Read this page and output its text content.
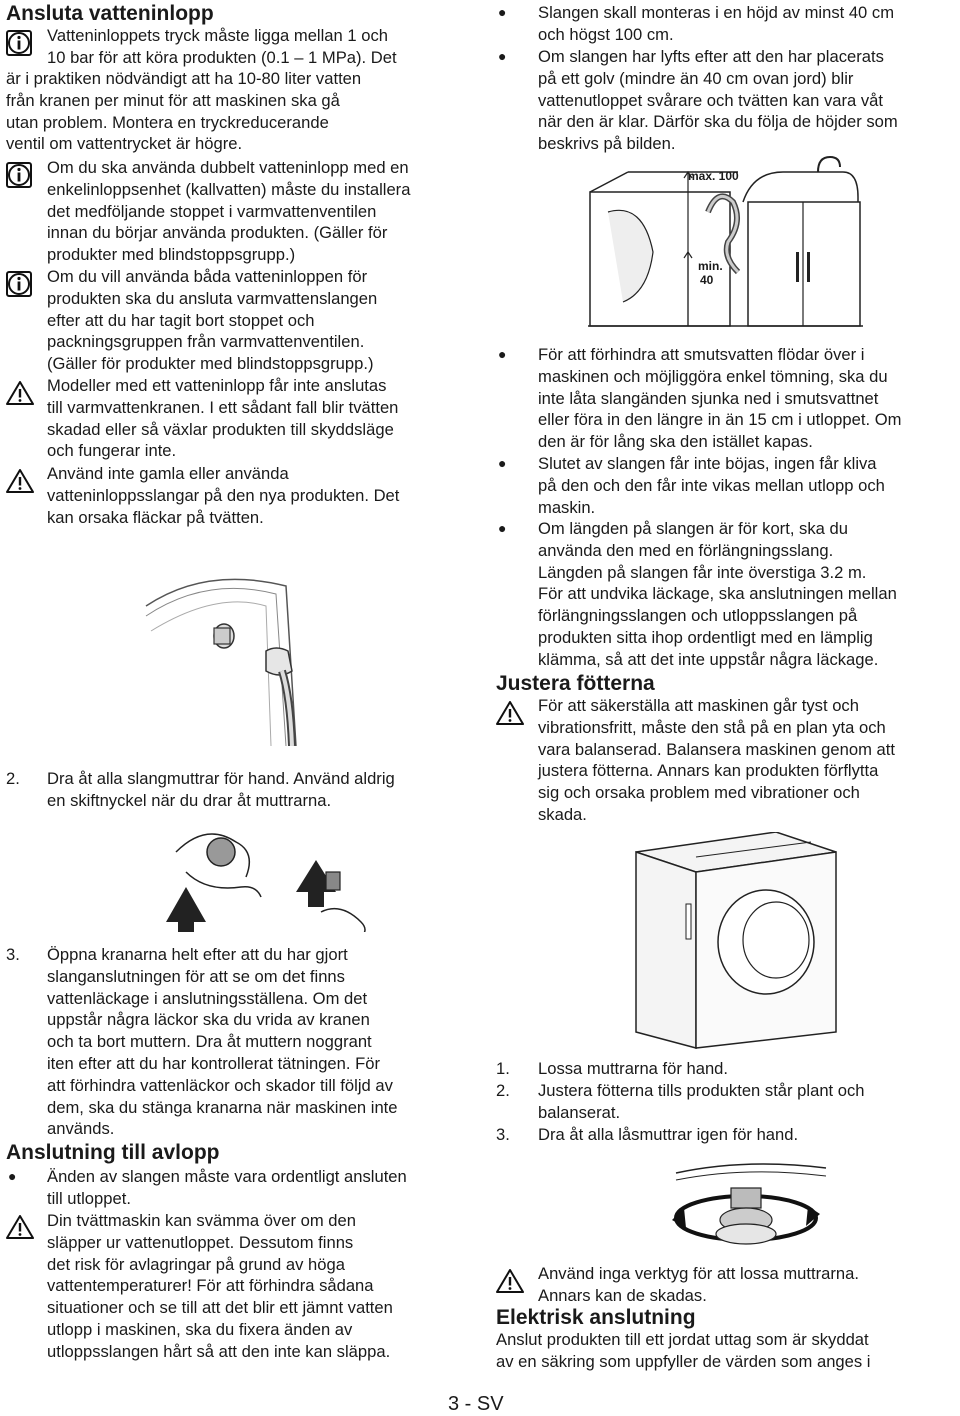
Ansluta vatteninlopp

Vatteninloppets tryck måste ligga mellan 1 och

10 bar för att köra produkten (0.1 – 1 MPa). Det

är i praktiken nödvändigt att ha 10-80 liter vatten

från kranen per minut för att maskinen ska gå

utan problem. Montera en tryckreducerande

ventil om vattentrycket är högre.

Om du ska använda dubbelt vatteninlopp med en

enkelinloppsenhet (kallvatten) måste du installera

det medföljande stoppet i varmvattenventilen

innan du börjar använda produkten. (Gäller för

produkter med blindstoppsgrupp.)

Om du vill använda båda vatteninloppen för

produkten ska du ansluta varmvattenslangen

efter att du har tagit bort stoppet och

packningsgruppen från varmvattenventilen.

(Gäller för produkter med blindstoppsgrupp.)

Modeller med ett vatteninlopp får inte anslutas

till varmvattenkranen. I ett sådant fall blir tvätten

skadad eller så växlar produkten till skyddsläge

och fungerar inte.

Använd inte gamla eller använda

vatteninloppsslangar på den nya produkten. Det

kan orsaka fläckar på tvätten.

2. Dra åt alla slangmuttrar för hand. Använd aldrig

en skiftnyckel när du drar åt muttrarna.

3. Öppna kranarna helt efter att du har gjort

slanganslutningen för att se om det finns

vattenläckage i anslutningsställena. Om det

uppstår några läckor ska du vrida av kranen

och ta bort muttern. Dra åt muttern noggrant

iten efter att du har kontrollerat tätningen. För

att förhindra vattenläckor och skador till följd av

dem, ska du stänga kranarna när maskinen inte

används.

Anslutning till avlopp
● Änden av slangen måste vara ordentligt ansluten

till utloppet.

Din tvättmaskin kan svämma över om den

släpper ur vattenutloppet. Dessutom finns

det risk för avlagringar på grund av höga

vattentemperaturer! För att förhindra sådana

situationer och se till att det blir ett jämnt vatten

utlopp i maskinen, ska du fixera änden av

utloppsslangen hårt så att den inte kan släppa.

● Slangen skall monteras i en höjd av minst 40 cm

och högst 100 cm.

● Om slangen har lyfts efter att den har placerats

på ett golv (mindre än 40 cm ovan jord) blir

vattenutloppet svårare och tvätten kan vara våt

när den är klar. Därför ska du följa de höjder som

beskrivs på bilden.

max. 100
min.
40
● För att förhindra att smutsvatten flödar över i

maskinen och möjliggöra enkel tömning, ska du

inte låta slangänden sjunka ned i smutsvattnet

eller föra in den längre in än 15 cm i utloppet. Om

den är för lång ska den istället kapas.

● Slutet av slangen får inte böjas, ingen får kliva

på den och den får inte vikas mellan utlopp och

maskin.

● Om längden på slangen är för kort, ska du

använda den med en förlängningsslang.

Längden på slangen får inte överstiga 3.2 m.

För att undvika läckage, ska anslutningen mellan

förlängningsslangen och utloppsslangen på

produkten sitta ihop ordentligt med en lämplig

klämma, så att det inte uppstår några läckage.

Justera fötterna

För att säkerställa att maskinen går tyst och

vibrationsfritt, måste den stå på en plan yta och

vara balanserad. Balansera maskinen genom att

justera fötterna. Annars kan produkten förflytta

sig och orsaka problem med vibrationer och

skada.

1. Lossa muttrarna för hand.

2. Justera fötterna tills produkten står plant och

balanserat.

3. Dra åt alla låsmuttrar igen för hand.

Använd inga verktyg för att lossa muttrarna.

Annars kan de skadas.

Elektrisk anslutning

Anslut produkten till ett jordat uttag som är skyddat

av en säkring som uppfyller de värden som anges i

3 - SV
